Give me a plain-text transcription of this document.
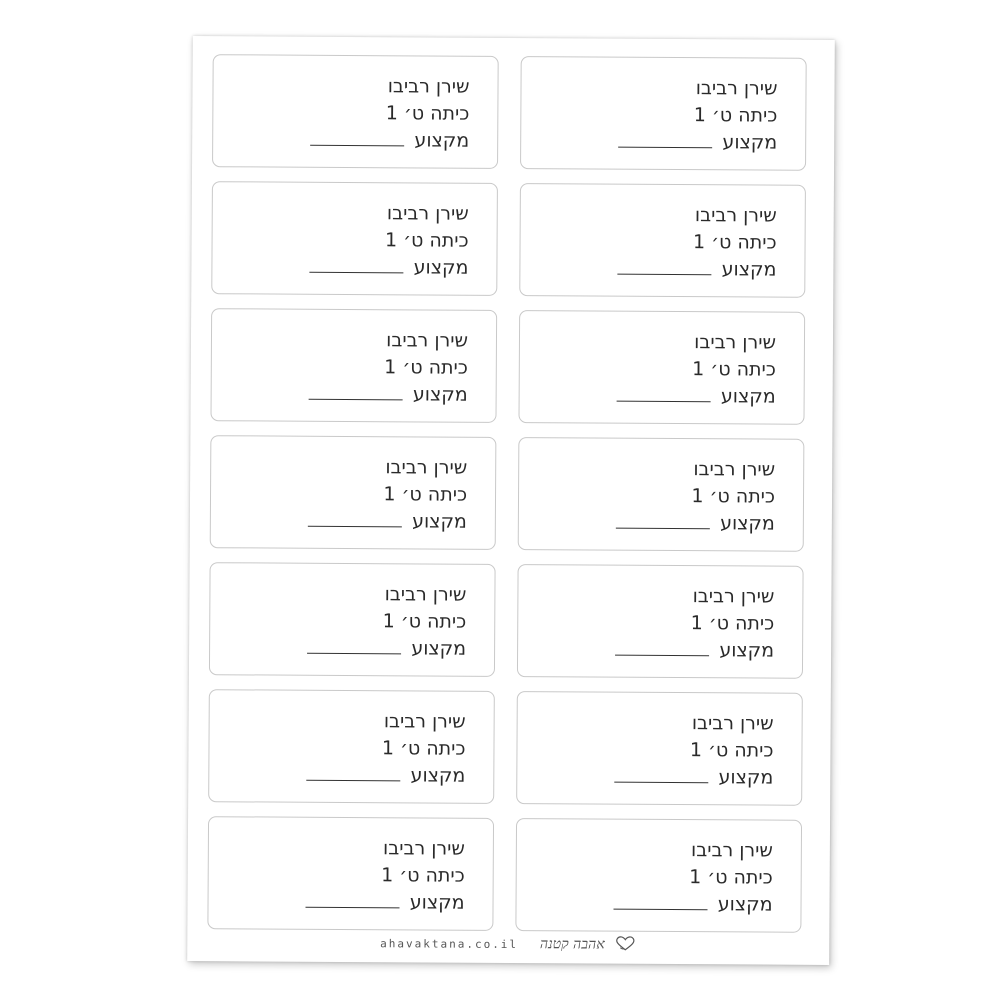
שירן רביבו
כיתה ט׳ 1
מקצוע
שירן רביבו
כיתה ט׳ 1
מקצוע
שירן רביבו
כיתה ט׳ 1
מקצוע
שירן רביבו
כיתה ט׳ 1
מקצוע
שירן רביבו
כיתה ט׳ 1
מקצוע
שירן רביבו
כיתה ט׳ 1
מקצוע
שירן רביבו
כיתה ט׳ 1
מקצוע
שירן רביבו
כיתה ט׳ 1
מקצוע
שירן רביבו
כיתה ט׳ 1
מקצוע
שירן רביבו
כיתה ט׳ 1
מקצוע
שירן רביבו
כיתה ט׳ 1
מקצוע
שירן רביבו
כיתה ט׳ 1
מקצוע
שירן רביבו
כיתה ט׳ 1
מקצוע
שירן רביבו
כיתה ט׳ 1
מקצוע
ahavaktana.co.il אהבה קטנה
